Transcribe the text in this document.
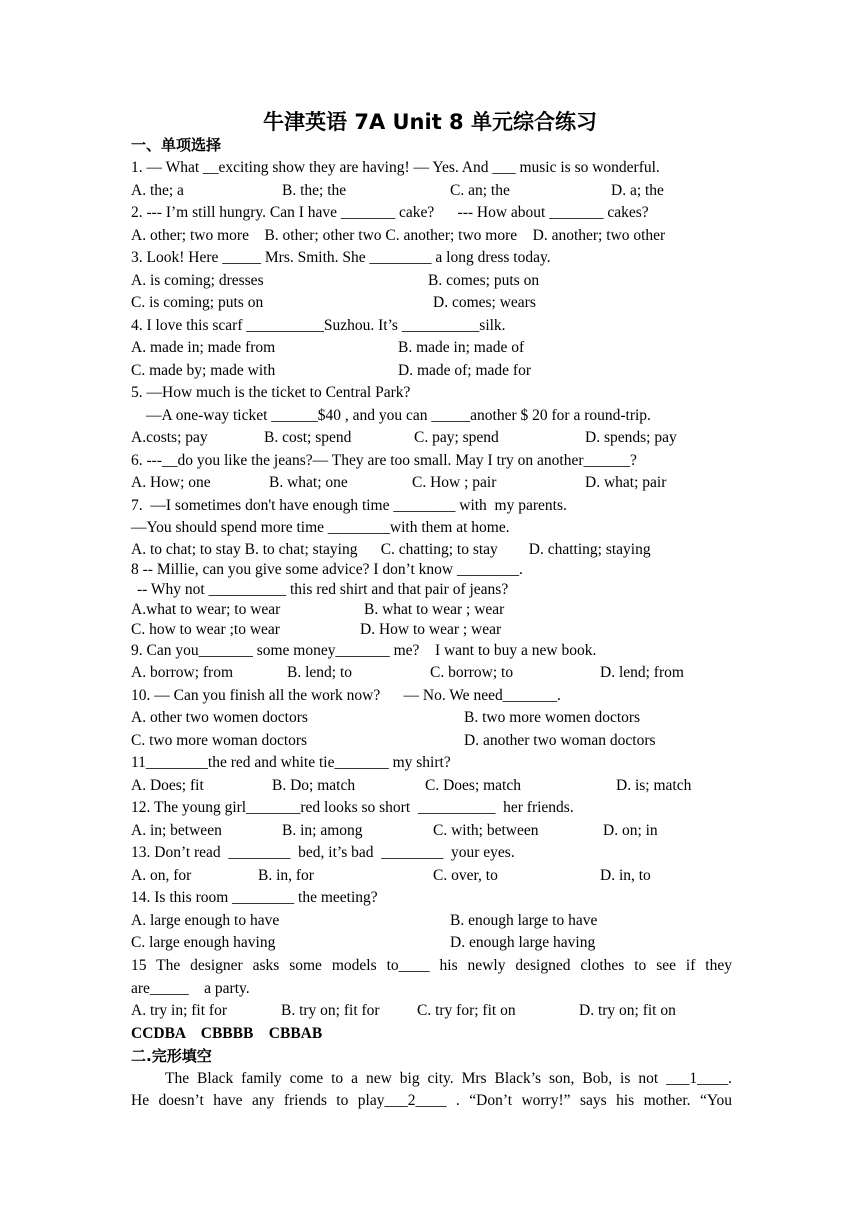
牛津英语 7A Unit 8 单元综合练习
一、单项选择
1. — What __exciting show they are having! — Yes. And ___ music is so wonderful.
A. the; a	B. the; the	C. an; the	D. a; the
2. --- I’m still hungry. Can I have _______ cake?      --- How about _______ cakes?
A. other; two more    B. other; other two C. another; two more    D. another; two other
3. Look! Here _____ Mrs. Smith. She ________ a long dress today.
A. is coming; dresses	B. comes; puts on
C. is coming; puts on	D. comes; wears
4. I love this scarf __________Suzhou. It’s __________silk.
A. made in; made from	B. made in; made of
C. made by; made with	D. made of; made for
5. —How much is the ticket to Central Park?
—A one-way ticket ______$40 , and you can _____another $ 20 for a round-trip.
A.costs; pay	B. cost; spend	C. pay; spend	D. spends; pay
6. ---__do you like the jeans?— They are too small. May I try on another______?
A. How; one	B. what; one	C. How ; pair	D. what; pair
7.  —I sometimes don't have enough time ________ with  my parents.
—You should spend more time ________with them at home.
A. to chat; to stay B. to chat; staying      C. chatting; to stay        D. chatting; staying
8 -- Millie, can you give some advice? I don’t know ________.
-- Why not __________ this red shirt and that pair of jeans?
A.what to wear; to wear	B. what to wear ; wear
C. how to wear ;to wear	D. How to wear ; wear
9. Can you_______ some money_______ me?    I want to buy a new book.
A. borrow; from	B. lend; to	C. borrow; to	D. lend; from
10. — Can you finish all the work now?      — No. We need_______.
A. other two women doctors	B. two more women doctors
C. two more woman doctors	D. another two woman doctors
11________the red and white tie_______ my shirt?
A. Does; fit	B. Do; match	C. Does; match	D. is; match
12. The young girl_______red looks so short  __________  her friends.
A. in; between	B. in; among	C. with; between	D. on; in
13. Don’t read  ________  bed, it’s bad  ________  your eyes.
A. on, for	B. in, for	C. over, to	D. in, to
14. Is this room ________ the meeting?
A. large enough to have	B. enough large to have
C. large enough having	D. enough large having
15 The designer asks some models to____ his newly designed clothes to see if they
are_____    a party.
A. try in; fit for	B. try on; fit for C. try for; fit on	D. try on; fit on
CCDBA    CBBBB    CBBAB
二.完形填空
The Black family come to a new big city. Mrs Black’s son, Bob, is not ___1____.
He doesn’t have any friends to play___2____ . “Don’t worry!” says his mother. “You
